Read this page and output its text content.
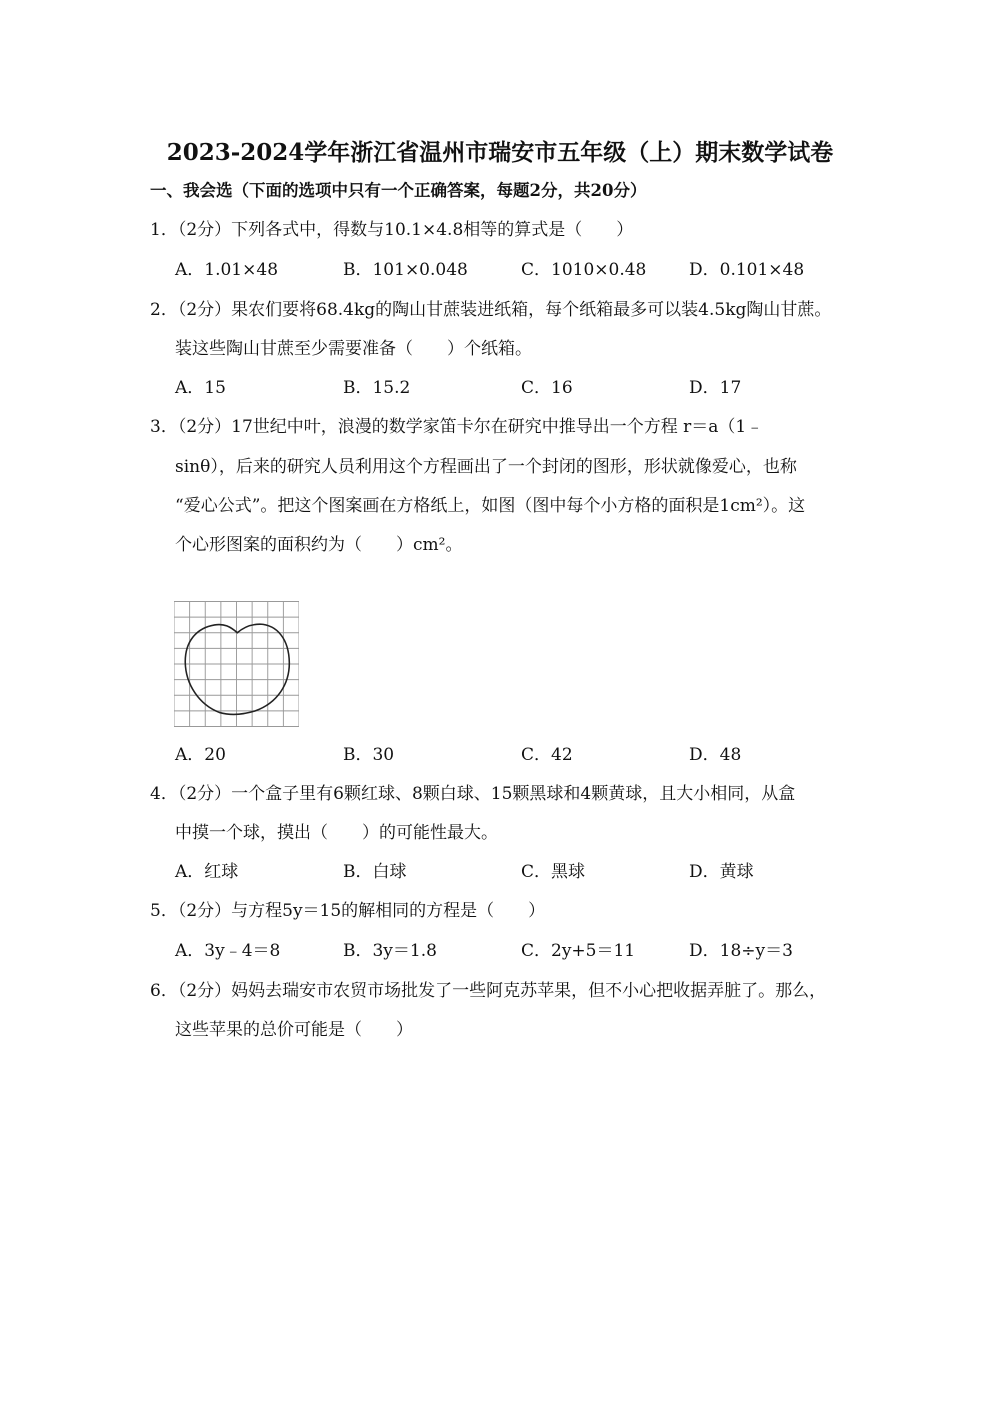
2023-2024学年浙江省温州市瑞安市五年级（上）期末数学试卷
一、我会选（下面的选项中只有一个正确答案，每题2分，共20分）
1．（2分）下列各式中，得数与10.1×4.8相等的算式是（　　）
A．1.01×48	B．101×0.048	C．1010×0.48	D．0.101×48
2．（2分）果农们要将68.4kg的陶山甘蔗装进纸箱，每个纸箱最多可以装4.5kg陶山甘蔗。
装这些陶山甘蔗至少需要准备（　　）个纸箱。
A．15	B．15.2	C．16	D．17
3．（2分）17世纪中叶，浪漫的数学家笛卡尔在研究中推导出一个方程 r＝a（1﹣
sinθ），后来的研究人员利用这个方程画出了一个封闭的图形，形状就像爱心，也称
“爱心公式”。把这个图案画在方格纸上，如图（图中每个小方格的面积是1cm²）。这
个心形图案的面积约为（　　）cm²。
A．20	B．30	C．42	D．48
4．（2分）一个盒子里有6颗红球、8颗白球、15颗黑球和4颗黄球，且大小相同，从盒
中摸一个球，摸出（　　）的可能性最大。
A．红球	B．白球	C．黑球	D．黄球
5．（2分）与方程5y＝15的解相同的方程是（　　）
A．3y﹣4＝8	B．3y＝1.8	C．2y+5＝11	D．18÷y＝3
6．（2分）妈妈去瑞安市农贸市场批发了一些阿克苏苹果，但不小心把收据弄脏了。那么，
这些苹果的总价可能是（　　）
